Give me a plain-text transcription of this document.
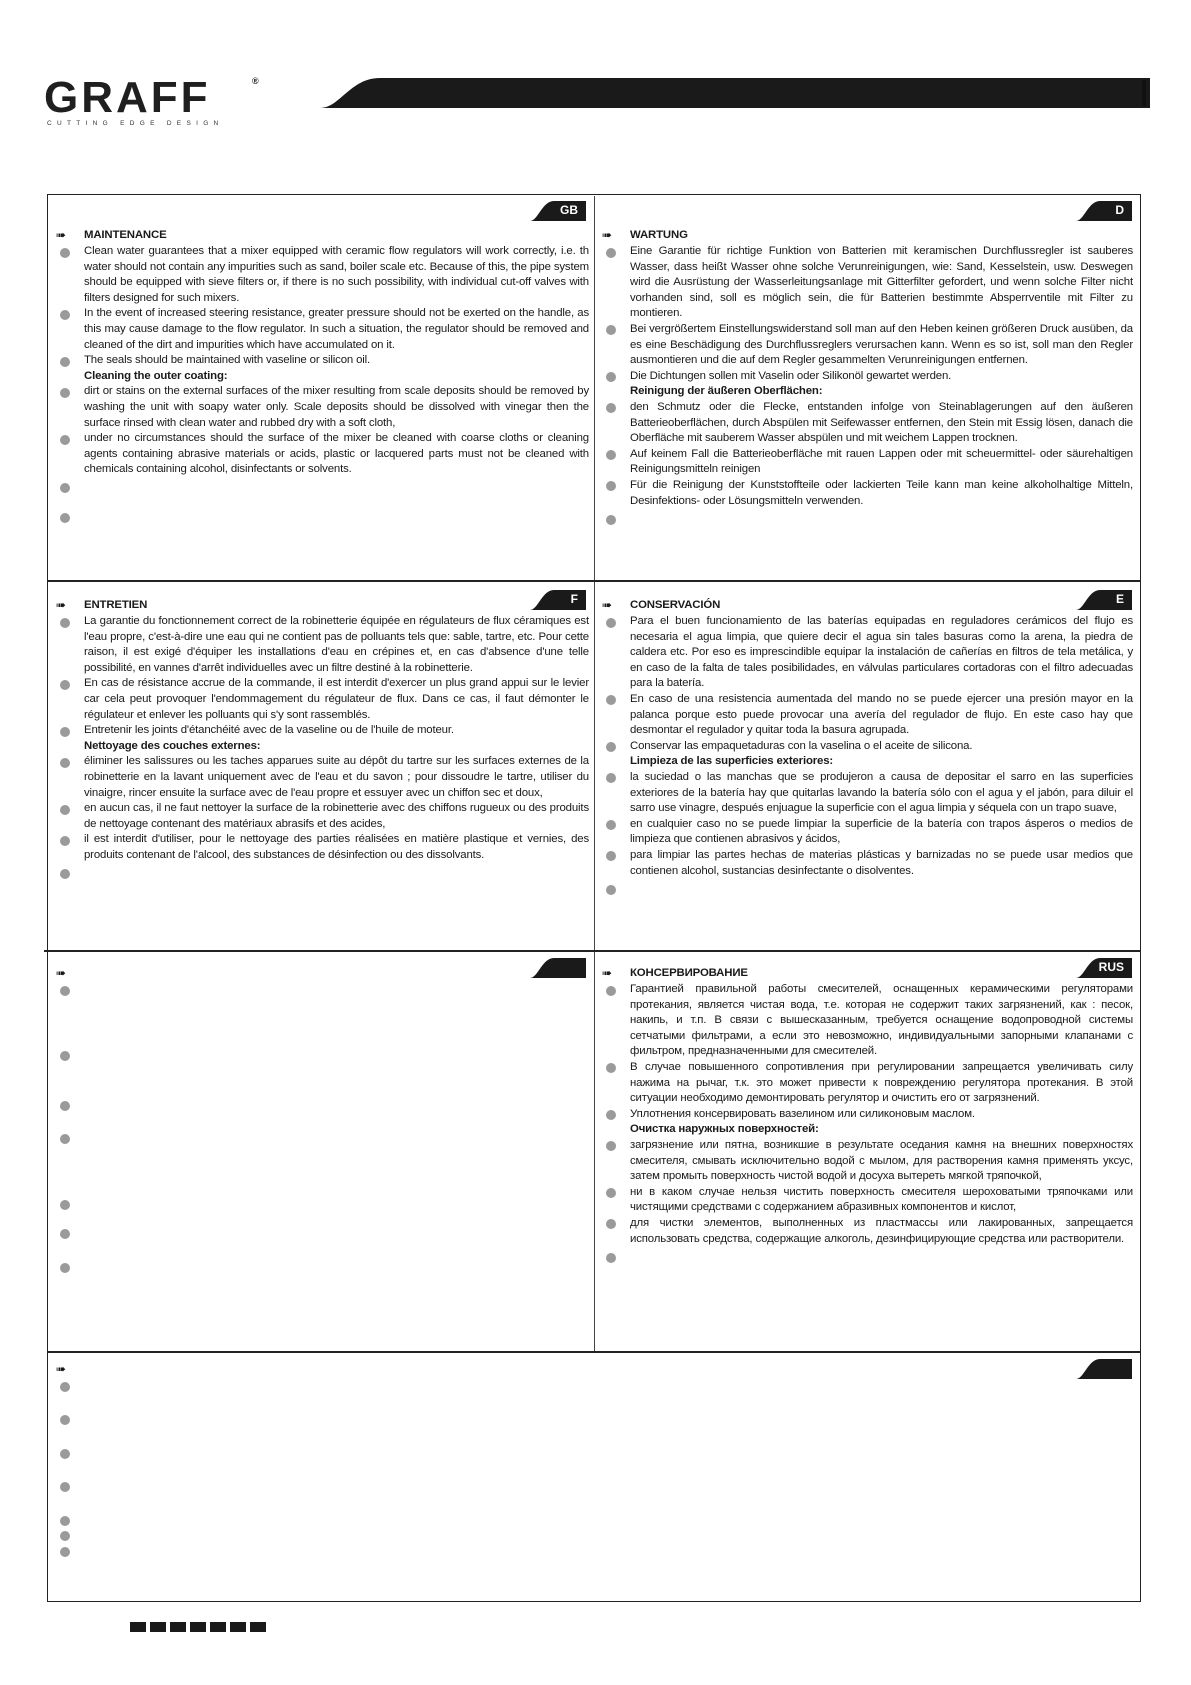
GRAFF	®
CUTTING EDGE DESIGN
GB	D
F	E
RUS
➠ MAINTENANCE
Clean water guarantees that a mixer equipped with ceramic flow regulators will work correctly, i.e. th water should not contain any impurities such as sand, boiler scale etc. Because of this, the pipe system should be equipped with sieve filters or, if there is no such possibility, with individual cut-off valves with filters designed for such mixers.
In the event of increased steering resistance, greater pressure should not be exerted on the handle, as this may cause damage to the flow regulator. In such a situation, the regulator should be removed and cleaned of the dirt and impurities which have accumulated on it.
The seals should be maintained with vaseline or silicon oil.
Cleaning the outer coating:
dirt or stains on the external surfaces of the mixer resulting from scale deposits should be removed by washing the unit with soapy water only. Scale deposits should be dissolved with vinegar then the surface rinsed with clean water and rubbed dry with a soft cloth,
under no circumstances should the surface of the mixer be cleaned with coarse cloths or cleaning agents containing abrasive materials or acids, plastic or lacquered parts must not be cleaned with chemicals containing alcohol, disinfectants or solvents.
➠ WARTUNG
Eine Garantie für richtige Funktion von Batterien mit keramischen Durchflussregler ist sauberes Wasser, dass heißt Wasser ohne solche Verunreinigungen, wie: Sand, Kesselstein, usw. Deswegen wird die Ausrüstung der Wasserleitungsanlage mit Gitterfilter gefordert, und wenn solche Filter nicht vorhanden sind, soll es möglich sein, die für Batterien bestimmte Absperrventile mit Filter zu montieren.
Bei vergrößertem Einstellungswiderstand soll man auf den Heben keinen größeren Druck ausüben, da es eine Beschädigung des Durchflussreglers verursachen kann. Wenn es so ist, soll man den Regler ausmontieren und die auf dem Regler gesammelten Verunreinigungen entfernen.
Die Dichtungen sollen mit Vaselin oder Silikonöl gewartet werden.
Reinigung der äußeren Oberflächen:
den Schmutz oder die Flecke, entstanden infolge von Steinablagerungen auf den äußeren Batterieoberflächen, durch Abspülen mit Seifewasser entfernen, den Stein mit Essig lösen, danach die Oberfläche mit sauberem Wasser abspülen und mit weichem Lappen trocknen.
Auf keinem Fall die Batterieoberfläche mit rauen Lappen oder mit scheuermittel- oder säurehaltigen Reinigungsmitteln reinigen
Für die Reinigung der Kunststoffteile oder lackierten Teile kann man keine alkoholhaltige Mitteln, Desinfektions- oder Lösungsmitteln verwenden.
➠ ENTRETIEN
La garantie du fonctionnement correct de la robinetterie équipée en régulateurs de flux céramiques est l'eau propre, c'est-à-dire une eau qui ne contient pas de polluants tels que: sable, tartre, etc. Pour cette raison, il est exigé d'équiper les installations d'eau en crépines et, en cas d'absence d'une telle possibilité, en vannes d'arrêt individuelles avec un filtre destiné à la robinetterie.
En cas de résistance accrue de la commande, il est interdit d'exercer un plus grand appui sur le levier car cela peut provoquer l'endommagement du régulateur de flux. Dans ce cas, il faut démonter le régulateur et enlever les polluants qui s'y sont rassemblés.
Entretenir les joints d'étanchéité avec de la vaseline ou de l'huile de moteur.
Nettoyage des couches externes:
éliminer les salissures ou les taches apparues suite au dépôt du tartre sur les surfaces externes de la robinetterie en la lavant uniquement avec de l'eau et du savon ; pour dissoudre le tartre, utiliser du vinaigre, rincer ensuite la surface avec de l'eau propre et essuyer avec un chiffon sec et doux,
en aucun cas, il ne faut nettoyer la surface de la robinetterie avec des chiffons rugueux ou des produits de nettoyage contenant des matériaux abrasifs et des acides,
il est interdit d'utiliser, pour le nettoyage des parties réalisées en matière plastique et vernies, des produits contenant de l'alcool, des substances de désinfection ou des dissolvants.
➠ CONSERVACIÓN
Para el buen funcionamiento de las baterías equipadas en reguladores cerámicos del flujo es necesaria el agua limpia, que quiere decir el agua sin tales basuras como la arena, la piedra de caldera etc. Por eso es imprescindible equipar la instalación de cañerías en filtros de tela metálica, y en caso de la falta de tales posibilidades, en válvulas particulares cortadoras con el filtro adecuadas para la batería.
En caso de una resistencia aumentada del mando no se puede ejercer una presión mayor en la palanca porque esto puede provocar una avería del regulador de flujo. En este caso hay que desmontar el regulador y quitar toda la basura agrupada.
Conservar las empaquetaduras con la vaselina o el aceite de silicona.
Limpieza de las superficies exteriores:
la suciedad o las manchas que se produjeron a causa de depositar el sarro en las superficies exteriores de la batería hay que quitarlas lavando la batería sólo con el agua y el jabón, para diluir el sarro use vinagre, después enjuague la superficie con el agua limpia y séquela con un trapo suave,
en cualquier caso no se puede limpiar la superficie de la batería con trapos ásperos o medios de limpieza que contienen abrasivos y ácidos,
para limpiar las partes hechas de materias plásticas y barnizadas no se puede usar medios que contienen alcohol, sustancias desinfectante o disolventes.
➠	➠ КОНСЕРВИРОВАНИЕ
Гарантией правильной работы смесителей, оснащенных керамическими регуляторами протекания, является чистая вода, т.е. которая не содержит таких загрязнений, как : песок, накипь, и т.п. В связи с вышесказанным, требуется оснащение водопроводной системы сетчатыми фильтрами, а если это невозможно, индивидуальными запорными клапанами с фильтром, предназначенными для смесителей.
В случае повышенного сопротивления при регулировании запрещается увеличивать силу нажима на рычаг, т.к. это может привести к повреждению регулятора протекания. В этой ситуации необходимо демонтировать регулятор и очистить его от загрязнений.
Уплотнения консервировать вазелином или силиконовым маслом.
Очистка наружных поверхностей:
загрязнение или пятна, возникшие в результате оседания камня на внешних поверхностях смесителя, смывать исключительно водой с мылом, для растворения камня применять уксус, затем промыть поверхность чистой водой и досуха вытереть мягкой тряпочкой,
ни в каком случае нельзя чистить поверхность смесителя шероховатыми тряпочками или чистящими средствами с содержанием абразивных компонентов и кислот,
для чистки элементов, выполненных из пластмассы или лакированных, запрещается использовать средства, содержащие алкоголь, дезинфицирующие средства или растворители.
➠
